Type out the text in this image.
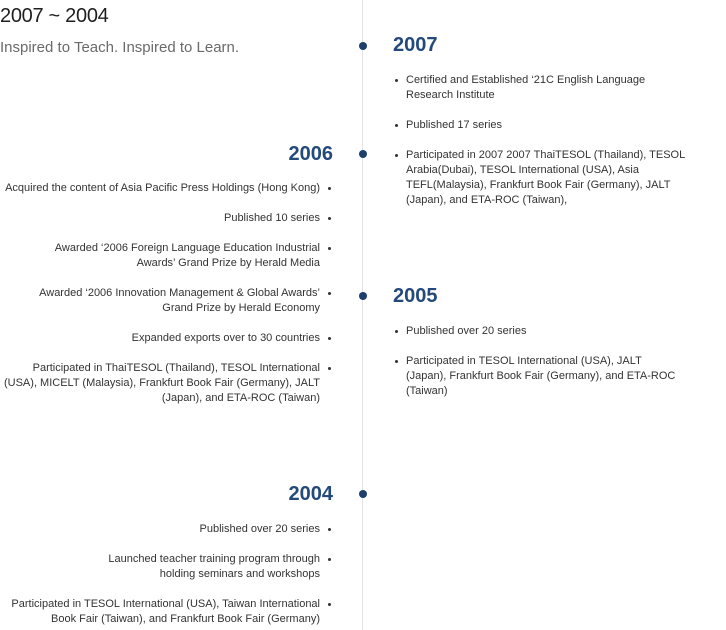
2007 ~ 2004
Inspired to Teach. Inspired to Learn.	2007
Certified and Established ‘21C English Language Research Institute
Published 17 series
Participated in 2007 2007 ThaiTESOL (Thailand), TESOL Arabia(Dubai), TESOL International (USA), Asia TEFL(Malaysia), Frankfurt Book Fair (Germany), JALT (Japan), and ETA-ROC (Taiwan),
2006
Acquired the content of Asia Pacific Press Holdings (Hong Kong)
Published 10 series
Awarded ‘2006 Foreign Language Education Industrial Awards’ Grand Prize by Herald Media
Awarded ‘2006 Innovation Management & Global Awards’ Grand Prize by Herald Economy
Expanded exports over to 30 countries
Participated in ThaiTESOL (Thailand), TESOL International (USA), MICELT (Malaysia), Frankfurt Book Fair (Germany), JALT (Japan), and ETA-ROC (Taiwan)
2005
Published over 20 series
Participated in TESOL International (USA), JALT (Japan), Frankfurt Book Fair (Germany), and ETA-ROC (Taiwan)
2004
Published over 20 series
Launched teacher training program through holding seminars and workshops
Participated in TESOL International (USA), Taiwan International Book Fair (Taiwan), and Frankfurt Book Fair (Germany)
